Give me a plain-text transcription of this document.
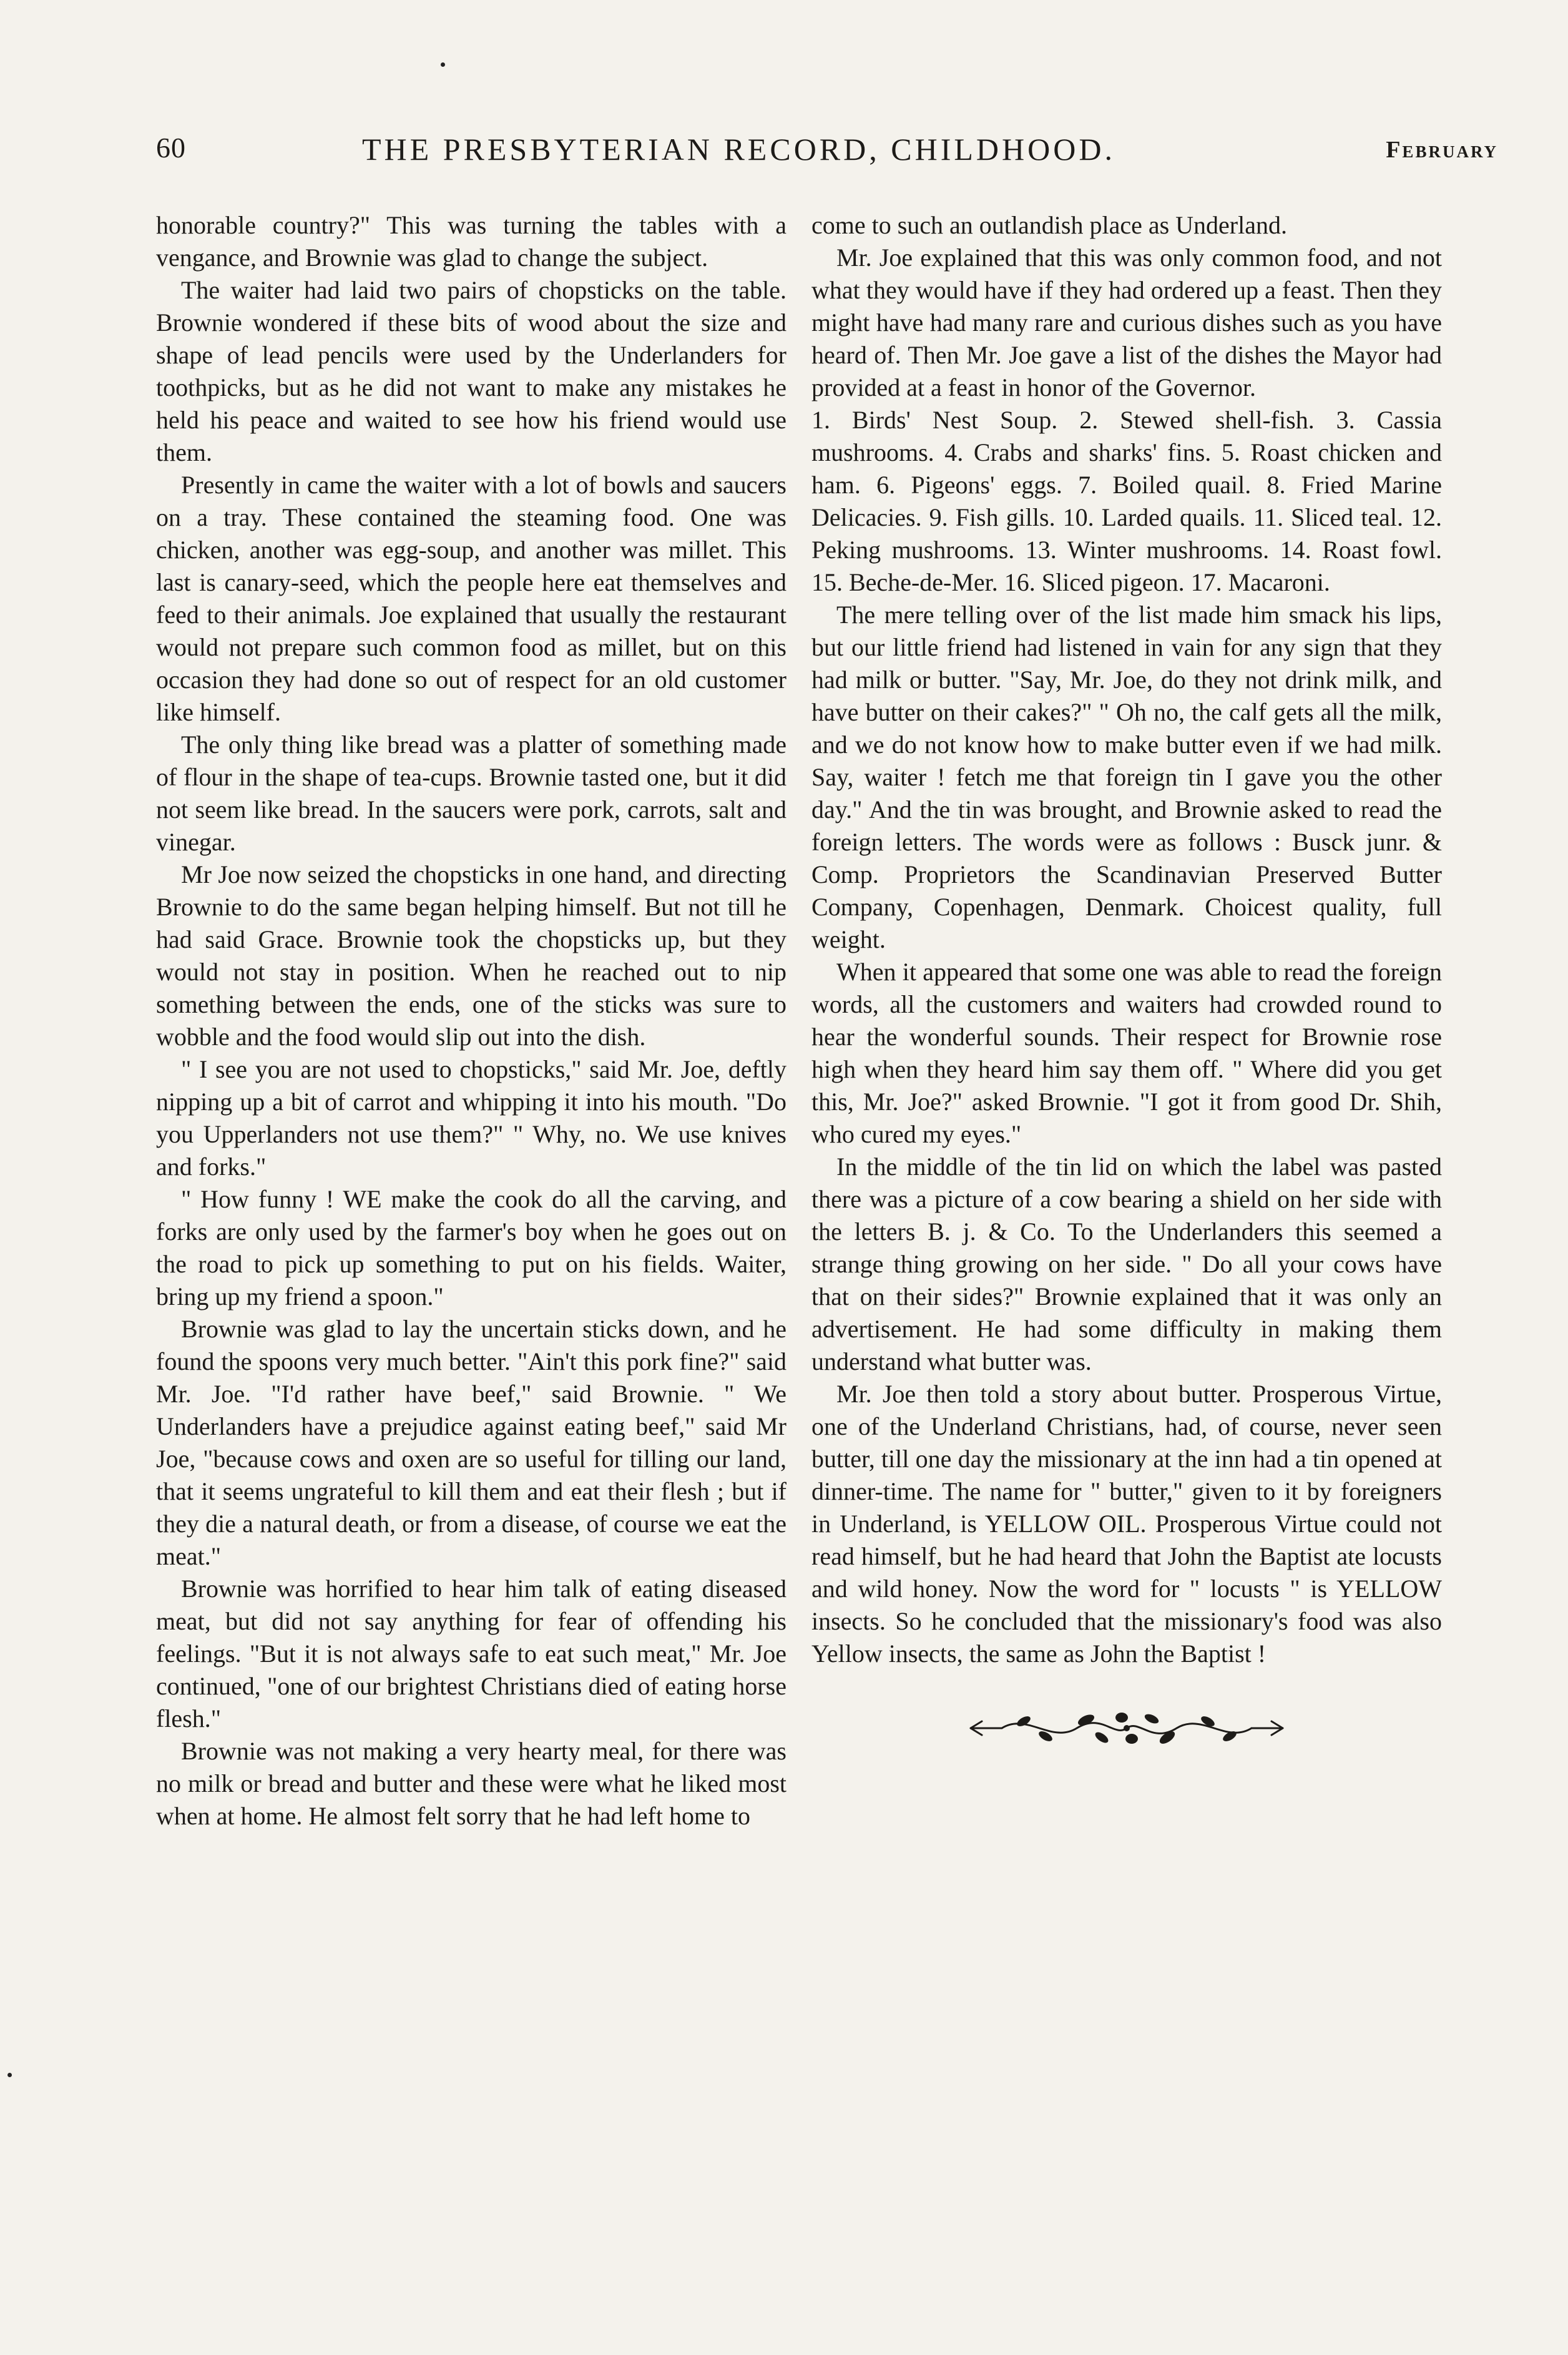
60	THE PRESBYTERIAN RECORD, CHILDHOOD.	February

honorable country?" This was turning the tables with a vengance, and Brownie was glad to change the subject.

The waiter had laid two pairs of chopsticks on the table. Brownie wondered if these bits of wood about the size and shape of lead pencils were used by the Underlanders for toothpicks, but as he did not want to make any mistakes he held his peace and waited to see how his friend would use them.

Presently in came the waiter with a lot of bowls and saucers on a tray. These contained the steaming food. One was chicken, another was egg-soup, and another was millet. This last is canary-seed, which the people here eat themselves and feed to their animals. Joe explained that usually the restaurant would not prepare such common food as millet, but on this occasion they had done so out of respect for an old customer like himself.

The only thing like bread was a platter of something made of flour in the shape of tea-cups. Brownie tasted one, but it did not seem like bread. In the saucers were pork, carrots, salt and vinegar.

Mr Joe now seized the chopsticks in one hand, and directing Brownie to do the same began helping himself. But not till he had said Grace. Brownie took the chopsticks up, but they would not stay in position. When he reached out to nip something between the ends, one of the sticks was sure to wobble and the food would slip out into the dish.

" I see you are not used to chopsticks," said Mr. Joe, deftly nipping up a bit of carrot and whipping it into his mouth. "Do you Upperlanders not use them?" " Why, no. We use knives and forks."

" How funny ! WE make the cook do all the carving, and forks are only used by the farmer's boy when he goes out on the road to pick up something to put on his fields. Waiter, bring up my friend a spoon."

Brownie was glad to lay the uncertain sticks down, and he found the spoons very much better. "Ain't this pork fine?" said Mr. Joe. "I'd rather have beef," said Brownie. " We Underlanders have a prejudice against eating beef," said Mr Joe, "because cows and oxen are so useful for tilling our land, that it seems ungrateful to kill them and eat their flesh ; but if they die a natural death, or from a disease, of course we eat the meat."

Brownie was horrified to hear him talk of eating diseased meat, but did not say anything for fear of offending his feelings. "But it is not always safe to eat such meat," Mr. Joe continued, "one of our brightest Christians died of eating horse flesh."

Brownie was not making a very hearty meal, for there was no milk or bread and butter and these were what he liked most when at home. He almost felt sorry that he had left home to

come to such an outlandish place as Underland.

Mr. Joe explained that this was only common food, and not what they would have if they had ordered up a feast. Then they might have had many rare and curious dishes such as you have heard of. Then Mr. Joe gave a list of the dishes the Mayor had provided at a feast in honor of the Governor.

1. Birds' Nest Soup. 2. Stewed shell-fish. 3. Cassia mushrooms. 4. Crabs and sharks' fins. 5. Roast chicken and ham. 6. Pigeons' eggs. 7. Boiled quail. 8. Fried Marine Delicacies. 9. Fish gills. 10. Larded quails. 11. Sliced teal. 12. Peking mushrooms. 13. Winter mushrooms. 14. Roast fowl. 15. Beche-de-Mer. 16. Sliced pigeon. 17. Macaroni.

The mere telling over of the list made him smack his lips, but our little friend had listened in vain for any sign that they had milk or butter. "Say, Mr. Joe, do they not drink milk, and have butter on their cakes?" " Oh no, the calf gets all the milk, and we do not know how to make butter even if we had milk. Say, waiter ! fetch me that foreign tin I gave you the other day." And the tin was brought, and Brownie asked to read the foreign letters. The words were as follows : Busck junr. & Comp. Proprietors the Scandinavian Preserved Butter Company, Copenhagen, Denmark. Choicest quality, full weight.

When it appeared that some one was able to read the foreign words, all the customers and waiters had crowded round to hear the wonderful sounds. Their respect for Brownie rose high when they heard him say them off. " Where did you get this, Mr. Joe?" asked Brownie. "I got it from good Dr. Shih, who cured my eyes."

In the middle of the tin lid on which the label was pasted there was a picture of a cow bearing a shield on her side with the letters B. j. & Co. To the Underlanders this seemed a strange thing growing on her side. " Do all your cows have that on their sides?" Brownie explained that it was only an advertisement. He had some difficulty in making them understand what butter was.

Mr. Joe then told a story about butter. Prosperous Virtue, one of the Underland Christians, had, of course, never seen butter, till one day the missionary at the inn had a tin opened at dinner-time. The name for " butter," given to it by foreigners in Underland, is YELLOW OIL. Prosperous Virtue could not read himself, but he had heard that John the Baptist ate locusts and wild honey. Now the word for " locusts " is YELLOW insects. So he concluded that the missionary's food was also Yellow insects, the same as John the Baptist !
